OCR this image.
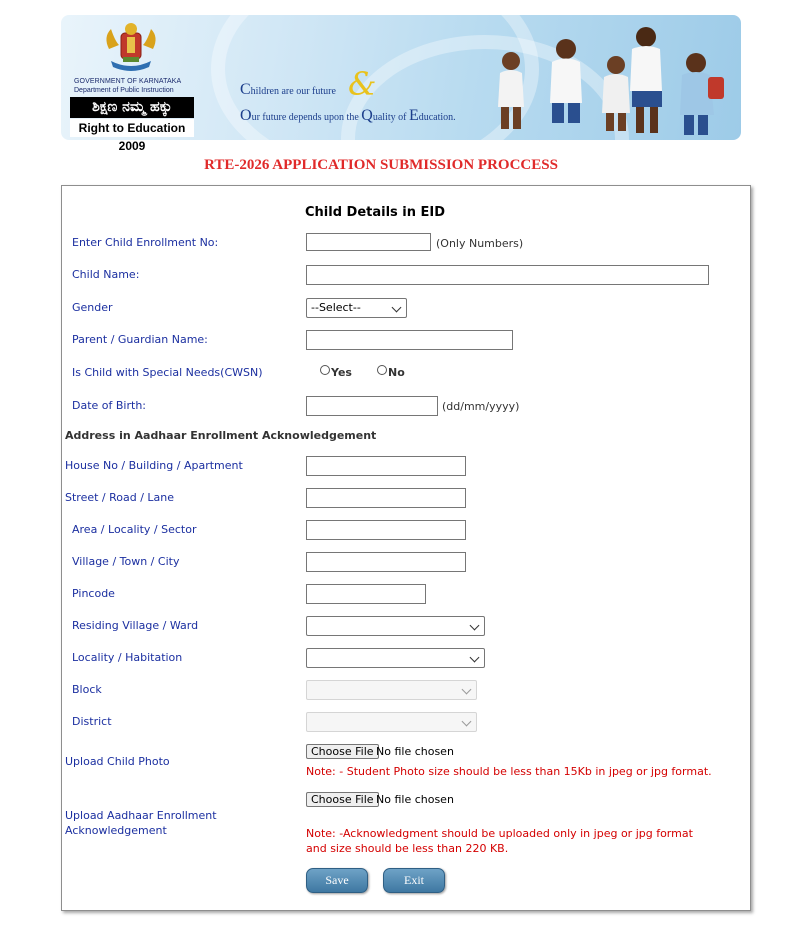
GOVERNMENT OF KARNATAKA
Department of Public Instruction
ಶಿಕ್ಷಣ ನಮ್ಮ ಹಕ್ಕು
Right to Education 2009
Children are our future &
Our future depends upon the Quality of Education.
RTE-2026 APPLICATION SUBMISSION PROCCESS
Child Details in EID
Enter Child Enrollment No:	(Only Numbers)
Child Name:
Gender	--Select--
Parent / Guardian Name:
Is Child with Special Needs(CWSN)	Yes	No
Date of Birth:	(dd/mm/yyyy)
Address in Aadhaar Enrollment Acknowledgement
House No / Building / Apartment
Street / Road / Lane
Area / Locality / Sector
Village / Town / City
Pincode
Residing Village / Ward
Locality / Habitation
Block
District
Upload Child Photo
Choose File No file chosen
Note: - Student Photo size should be less than 15Kb in jpeg or jpg format.
Upload Aadhaar Enrollment Acknowledgement
Choose File No file chosen
Note: -Acknowledgment should be uploaded only in jpeg or jpg format and size should be less than 220 KB.
Save	Exit
